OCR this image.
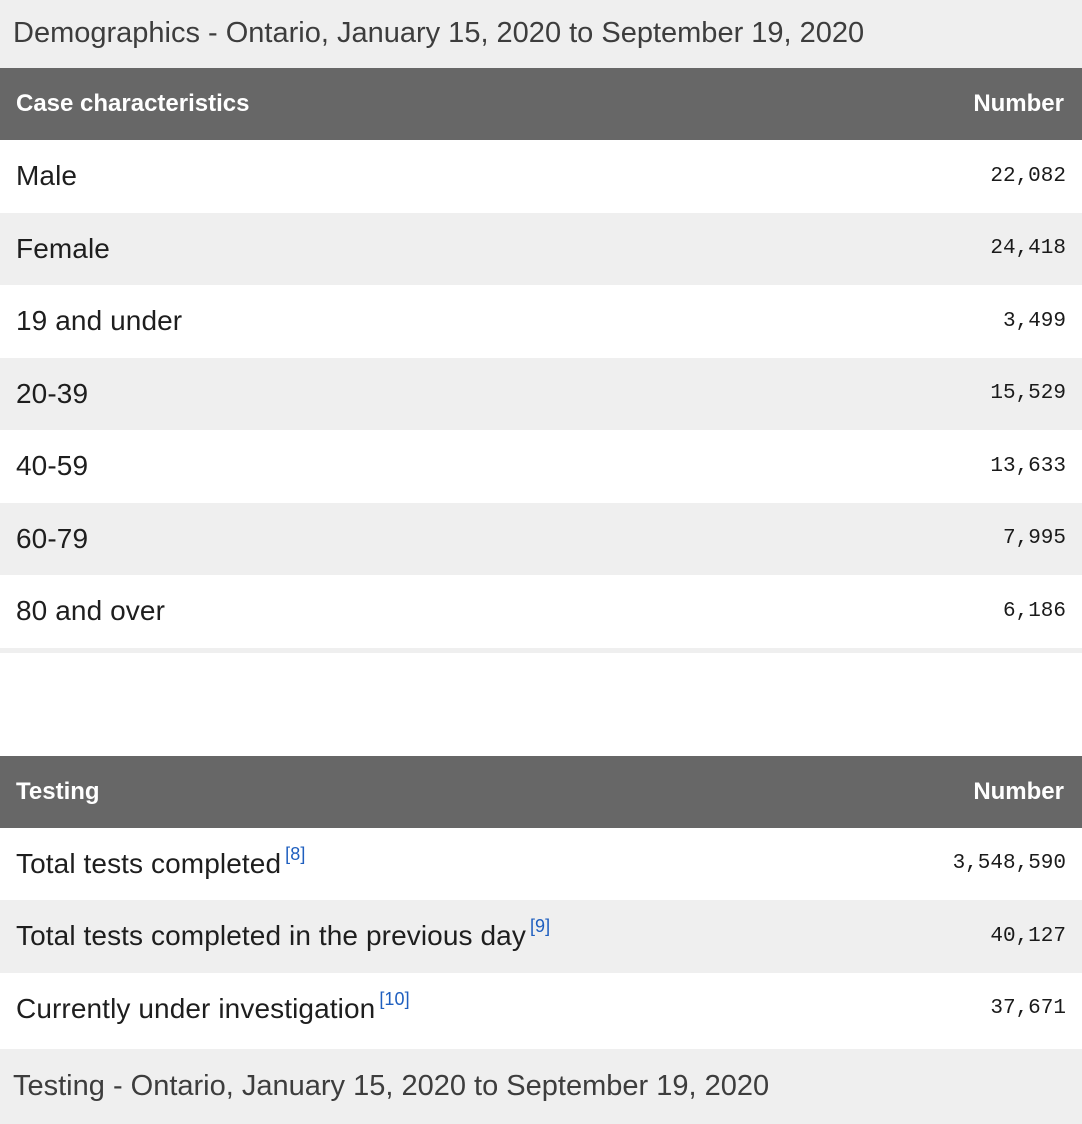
Demographics - Ontario, January 15, 2020 to September 19, 2020
Case characteristics	Number
Male	22,082
Female	24,418
19 and under	3,499
20-39	15,529
40-59	13,633
60-79	7,995
80 and over	6,186
Testing	Number
Total tests completed [8]	3,548,590
Total tests completed in the previous day [9]	40,127
Currently under investigation [10]	37,671
Testing - Ontario, January 15, 2020 to September 19, 2020
